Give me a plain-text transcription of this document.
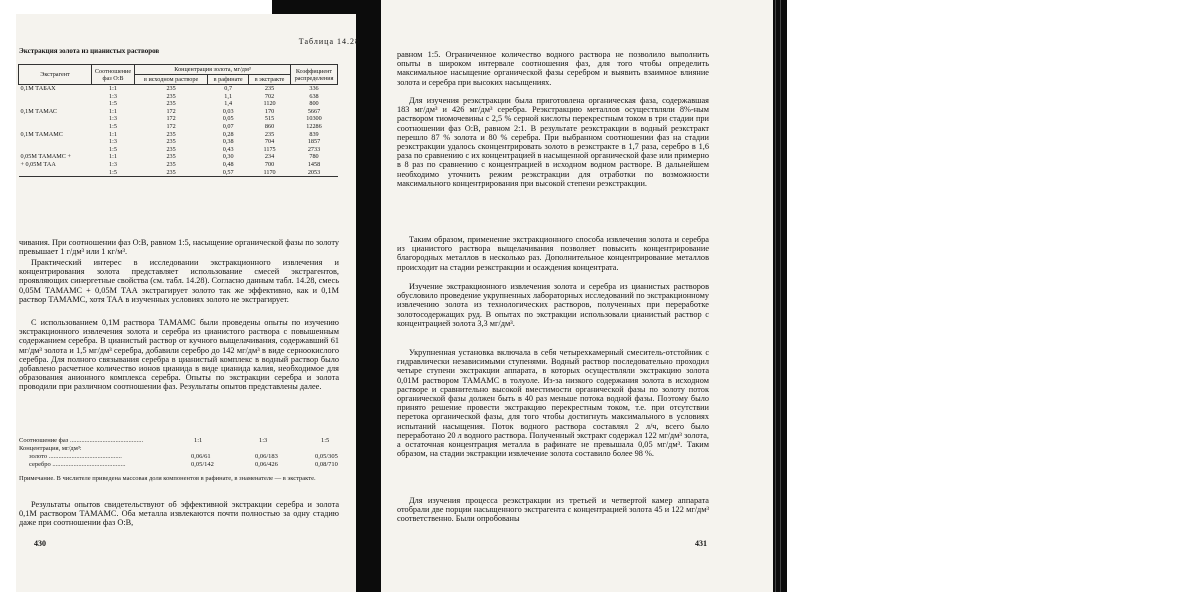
Таблица 14.28
Экстракция золота из цианистых растворов
Экстрагент	Соотношение фаз О:В	Концентрация золота, мг/дм³			Коэффициент распределения
		в исходном растворе	в рафинате	в экстракте	
0,1М ТАБАХ	1:1	235	0,7	235	336
	1:3	235	1,1	702	638
	1:5	235	1,4	1120	800
0,1М ТАМАС	1:1	172	0,03	170	5667
	1:3	172	0,05	515	10300
	1:5	172	0,07	860	12286
0,1М ТАМАМС	1:1	235	0,28	235	839
	1:3	235	0,38	704	1857
	1:5	235	0,43	1175	2733
0,05М ТАМАМС +	1:1	235	0,30	234	780
+ 0,05М ТАА	1:3	235	0,48	700	1458
	1:5	235	0,57	1170	2053

чивания. При соотношении фаз О:В, равном 1:5, насыщение органической фазы по золоту превышает 1 г/дм³ или 1 кг/м³.

Практический интерес в исследовании экстракционного извлечения и концентрирования золота представляет использование смесей экстрагентов, проявляющих синергетные свойства (см. табл. 14.28). Согласно данным табл. 14.28, смесь 0,05М ТАМАМС + 0,05М ТАА экстрагирует золото так же эффективно, как и 0,1М раствор ТАМАМС, хотя ТАА в изученных условиях золото не экстрагирует.

С использованием 0,1М раствора ТАМАМС были проведены опыты по изучению экстракционного извлечения золота и серебра из цианистого раствора с повышенным содержанием серебра. В цианистый раствор от кучного выщелачивания, содержавший 61 мг/дм³ золота и 1,5 мг/дм³ серебра, добавили серебро до 142 мг/дм³ в виде серноокислого серебра. Для полного связывания серебра в цианистый комплекс в водный раствор было добавлено расчетное количество ионов цианида в виде цианида калия, необходимое для образования анионного комплекса серебра. Опыты по экстракции серебра и золота проводили при различном соотношении фаз. Результаты опытов представлены далее.

Соотношение фаз .............................................	1:1	1:3	1:5
Концентрация, мг/дм³:
золото .............................................	0,06/61	0,06/183	0,05/305
серебро .............................................	0,05/142	0,06/426	0,08/710
Примечание. В числителе приведена массовая доля компонентов в рафинате, в знаменателе — в экстракте.

Результаты опытов свидетельствуют об эффективной экстракции серебра и золота 0,1М раствором ТАМАМС. Оба металла извлекаются почти полностью за одну стадию даже при соотношении фаз О:В,

430

равном 1:5. Ограниченное количество водного раствора не позволило выполнить опыты в широком интервале соотношения фаз, для того чтобы определить максимальное насыщение органической фазы серебром и выявить взаимное влияние золота и серебра при высоких насыщениях.

Для изучения реэкстракции была приготовлена органическая фаза, содержавшая 183 мг/дм³ и 426 мг/дм³ серебра. Реэкстракцию металлов осуществляли 8%-ным раствором тиомочевины с 2,5 % серной кислоты перекрестным током в три стадии при соотношении фаз О:В, равном 2:1. В результате реэкстракции в водный реэкстракт перешло 87 % золота и 80 % серебра. При выбранном соотношении фаз на стадии реэкстракции удалось сконцентрировать золото в реэкстракте в 1,7 раза, серебро в 1,6 раза по сравнению с их концентрацией в насыщенной органической фазе или примерно в 8 раз по сравнению с концентрацией в исходном водном растворе. В дальнейшем необходимо уточнить режим реэкстракции для отработки по возможности максимального концентрирования при высокой степени реэкстракции.

Таким образом, применение экстракционного способа извлечения золота и серебра из цианистого раствора выщелачивания позволяет повысить концентрирование благородных металлов в несколько раз. Дополнительное концентрирование металлов происходит на стадии реэкстракции и осаждения концентрата.

Изучение экстракционного извлечения золота и серебра из цианистых растворов обусловило проведение укрупненных лабораторных исследований по экстракционному извлечению золота из технологических растворов, полученных при переработке золотосодержащих руд. В опытах по экстракции использовали цианистый раствор с концентрацией золота 3,3 мг/дм³.

Укрупненная установка включала в себя четырехкамерный смеситель-отстойник с гидравлически независимыми ступенями. Водный раствор последовательно проходил четыре ступени экстракции аппарата, в которых осуществляли экстракцию золота 0,01М раствором ТАМАМС в толуоле. Из-за низкого содержания золота в исходном растворе и сравнительно высокой вместимости органической фазы по золоту поток органической фазы должен быть в 40 раз меньше потока водной фазы. Поэтому было принято решение провести экстракцию перекрестным током, т.е. при отсутствии перетока органической фазы, для того чтобы достигнуть максимального в условиях испытаний насыщения. Поток водного раствора составлял 2 л/ч, всего было переработано 20 л водного раствора. Полученный экстракт содержал 122 мг/дм³ золота, а остаточная концентрация металла в рафинате не превышала 0,05 мг/дм³. Таким образом, на стадии экстракции извлечение золота составило более 98 %.

Для изучения процесса реэкстракции из третьей и четвертой камер аппарата отобрали две порции насыщенного экстрагента с концентрацией золота 45 и 122 мг/дм³ соответственно. Были опробованы

431
